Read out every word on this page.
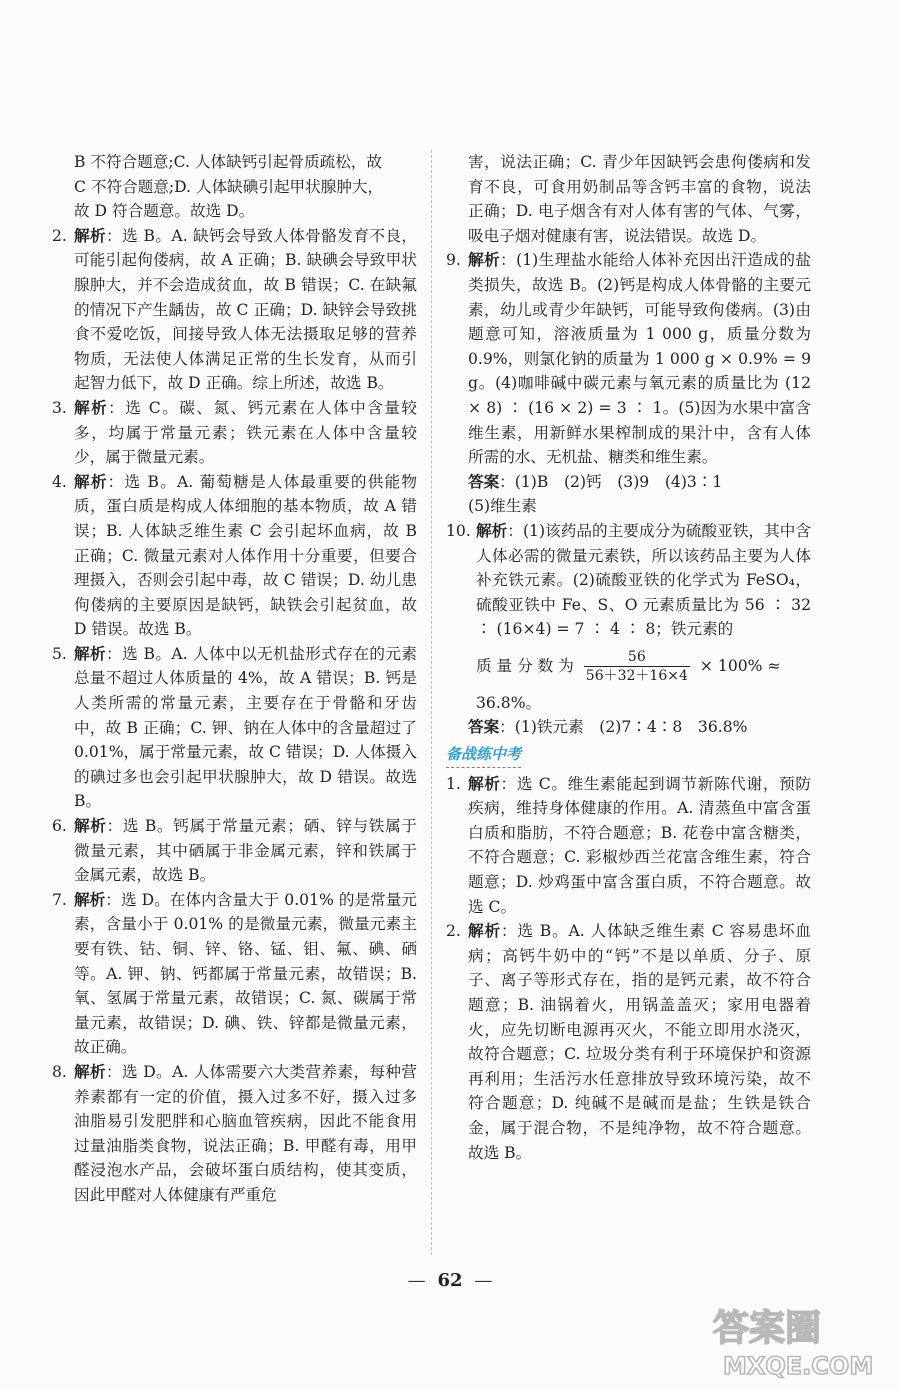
B 不符合题意;C. 人体缺钙引起骨质疏松，故
C 不符合题意;D. 人体缺碘引起甲状腺肿大，
故 D 符合题意。故选 D。
2. 解析：选 B。A. 缺钙会导致人体骨骼发育不良，可能引起佝偻病，故 A 正确；B. 缺碘会导致甲状腺肿大，并不会造成贫血，故 B 错误；C. 在缺氟的情况下产生龋齿，故 C 正确；D. 缺锌会导致挑食不爱吃饭，间接导致人体无法摄取足够的营养物质，无法使人体满足正常的生长发育，从而引起智力低下，故 D 正确。综上所述，故选 B。
3. 解析：选 C。碳、氮、钙元素在人体中含量较多，均属于常量元素；铁元素在人体中含量较少，属于微量元素。
4. 解析：选 B。A. 葡萄糖是人体最重要的供能物质，蛋白质是构成人体细胞的基本物质，故 A 错误；B. 人体缺乏维生素 C 会引起坏血病，故 B 正确；C. 微量元素对人体作用十分重要，但要合理摄入，否则会引起中毒，故 C 错误；D. 幼儿患佝偻病的主要原因是缺钙，缺铁会引起贫血，故 D 错误。故选 B。
5. 解析：选 B。A. 人体中以无机盐形式存在的元素总量不超过人体质量的 4%，故 A 错误；B. 钙是人类所需的常量元素，主要存在于骨骼和牙齿中，故 B 正确；C. 钾、钠在人体中的含量超过了 0.01%，属于常量元素，故 C 错误；D. 人体摄入的碘过多也会引起甲状腺肿大，故 D 错误。故选 B。
6. 解析：选 B。钙属于常量元素；硒、锌与铁属于微量元素，其中硒属于非金属元素，锌和铁属于金属元素，故选 B。
7. 解析：选 D。在体内含量大于 0.01% 的是常量元素，含量小于 0.01% 的是微量元素，微量元素主要有铁、钴、铜、锌、铬、锰、钼、氟、碘、硒等。A. 钾、钠、钙都属于常量元素，故错误；B. 氧、氢属于常量元素，故错误；C. 氮、碳属于常量元素，故错误；D. 碘、铁、锌都是微量元素，故正确。
8. 解析：选 D。A. 人体需要六大类营养素，每种营养素都有一定的价值，摄入过多不好，摄入过多油脂易引发肥胖和心脑血管疾病，因此不能食用过量油脂类食物，说法正确；B. 甲醛有毒，用甲醛浸泡水产品，会破坏蛋白质结构，使其变质，因此甲醛对人体健康有严重危
害，说法正确；C. 青少年因缺钙会患佝偻病和发育不良，可食用奶制品等含钙丰富的食物，说法正确；D. 电子烟含有对人体有害的气体、气雾，吸电子烟对健康有害，说法错误。故选 D。
9. 解析：(1)生理盐水能给人体补充因出汗造成的盐类损失，故选 B。(2)钙是构成人体骨骼的主要元素，幼儿或青少年缺钙，可能导致佝偻病。(3)由题意可知，溶液质量为 1 000 g，质量分数为 0.9%，则氯化钠的质量为 1 000 g × 0.9% = 9 g。(4)咖啡碱中碳元素与氧元素的质量比为 (12 × 8) ∶ (16 × 2) = 3 ∶ 1。(5)因为水果中富含维生素，用新鲜水果榨制成的果汁中，含有人体所需的水、无机盐、糖类和维生素。
答案：(1)B　(2)钙　(3)9　(4)3∶1
(5)维生素
10. 解析：(1)该药品的主要成分为硫酸亚铁，其中含人体必需的微量元素铁，所以该药品主要为人体补充铁元素。(2)硫酸亚铁的化学式为 FeSO₄，硫酸亚铁中 Fe、S、O 元素质量比为 56 ∶ 32 ∶ (16×4) = 7 ∶ 4 ∶ 8；铁元素的
质 量 分 数 为 $\frac{56}{56+32+16\times 4} \times 100\%$ ≈
36.8%。
答案：(1)铁元素　(2)7∶4∶8　36.8%
备战练中考
1. 解析：选 C。维生素能起到调节新陈代谢，预防疾病，维持身体健康的作用。A. 清蒸鱼中富含蛋白质和脂肪，不符合题意；B. 花卷中富含糖类，不符合题意；C. 彩椒炒西兰花富含维生素，符合题意；D. 炒鸡蛋中富含蛋白质，不符合题意。故选 C。
2. 解析：选 B。A. 人体缺乏维生素 C 容易患坏血病；高钙牛奶中的“钙”不是以单质、分子、原子、离子等形式存在，指的是钙元素，故不符合题意；B. 油锅着火，用锅盖盖灭；家用电器着火，应先切断电源再灭火，不能立即用水浇灭，故符合题意；C. 垃圾分类有利于环境保护和资源再利用；生活污水任意排放导致环境污染，故不符合题意；D. 纯碱不是碱而是盐；生铁是铁合金，属于混合物，不是纯净物，故不符合题意。故选 B。
— 62 —
答案圈
MXQE.COM
